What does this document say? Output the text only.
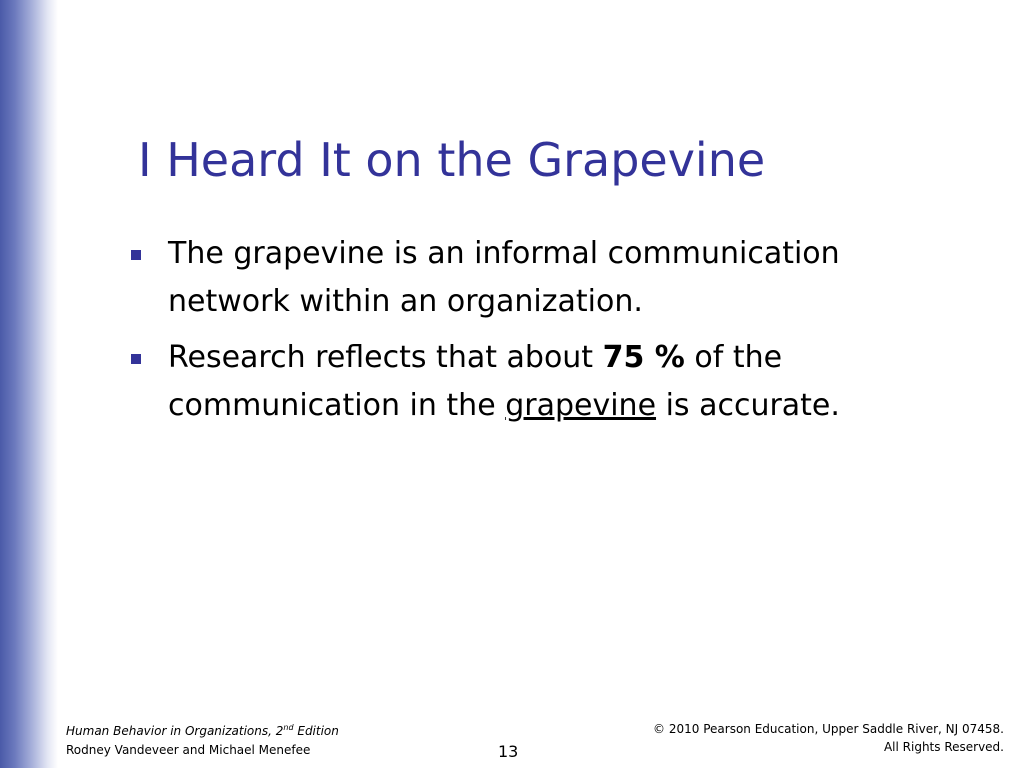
I Heard It on the Grapevine
The grapevine is an informal communication network within an organization.
Research reflects that about 75 % of the communication in the grapevine is accurate.
Human Behavior in Organizations, 2nd Edition
Rodney Vandeveer and Michael Menefee	13
© 2010 Pearson Education, Upper Saddle River, NJ 07458.
All Rights Reserved.
